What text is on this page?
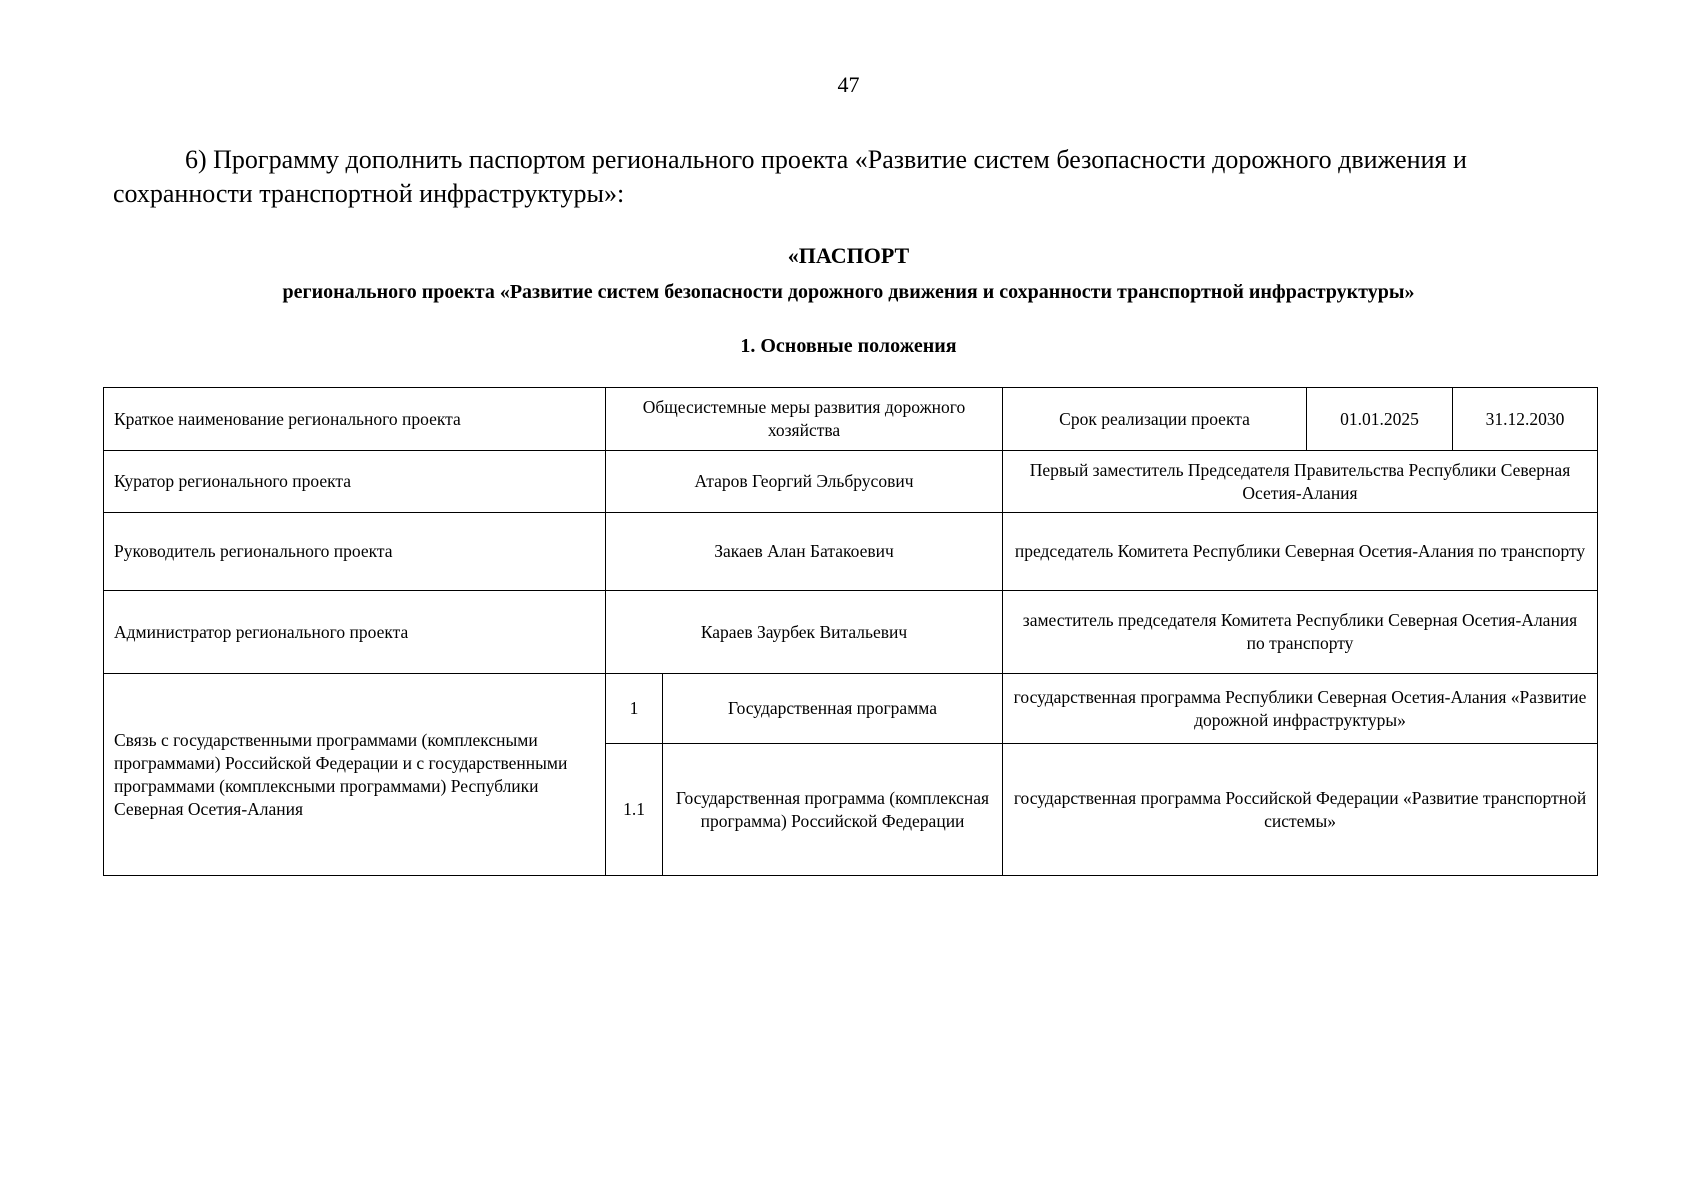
47
6) Программу дополнить паспортом регионального проекта «Развитие систем безопасности дорожного движения и сохранности транспортной инфраструктуры»:
«ПАСПОРТ
регионального проекта «Развитие систем безопасности дорожного движения и сохранности транспортной инфраструктуры»
1. Основные положения
Краткое наименование регионального проекта	Общесистемные меры развития дорожного хозяйства		Срок реализации проекта	01.01.2025	31.12.2030
Куратор регионального проекта	Атаров Георгий Эльбрусович		Первый заместитель Председателя Правительства Республики Северная Осетия-Алания		
Руководитель регионального проекта	Закаев Алан Батакоевич		председатель Комитета Республики Северная Осетия-Алания по транспорту		
Администратор регионального проекта	Караев Заурбек Витальевич		заместитель председателя Комитета Республики Северная Осетия-Алания по транспорту		
Связь с государственными программами (комплексными программами) Российской Федерации и с государственными программами (комплексными программами) Республики Северная Осетия-Алания	1	Государственная программа	государственная программа Республики Северная Осетия-Алания «Развитие дорожной инфраструктуры»		
	1.1	Государственная программа (комплексная программа) Российской Федерации	государственная программа Российской Федерации «Развитие транспортной системы»		
